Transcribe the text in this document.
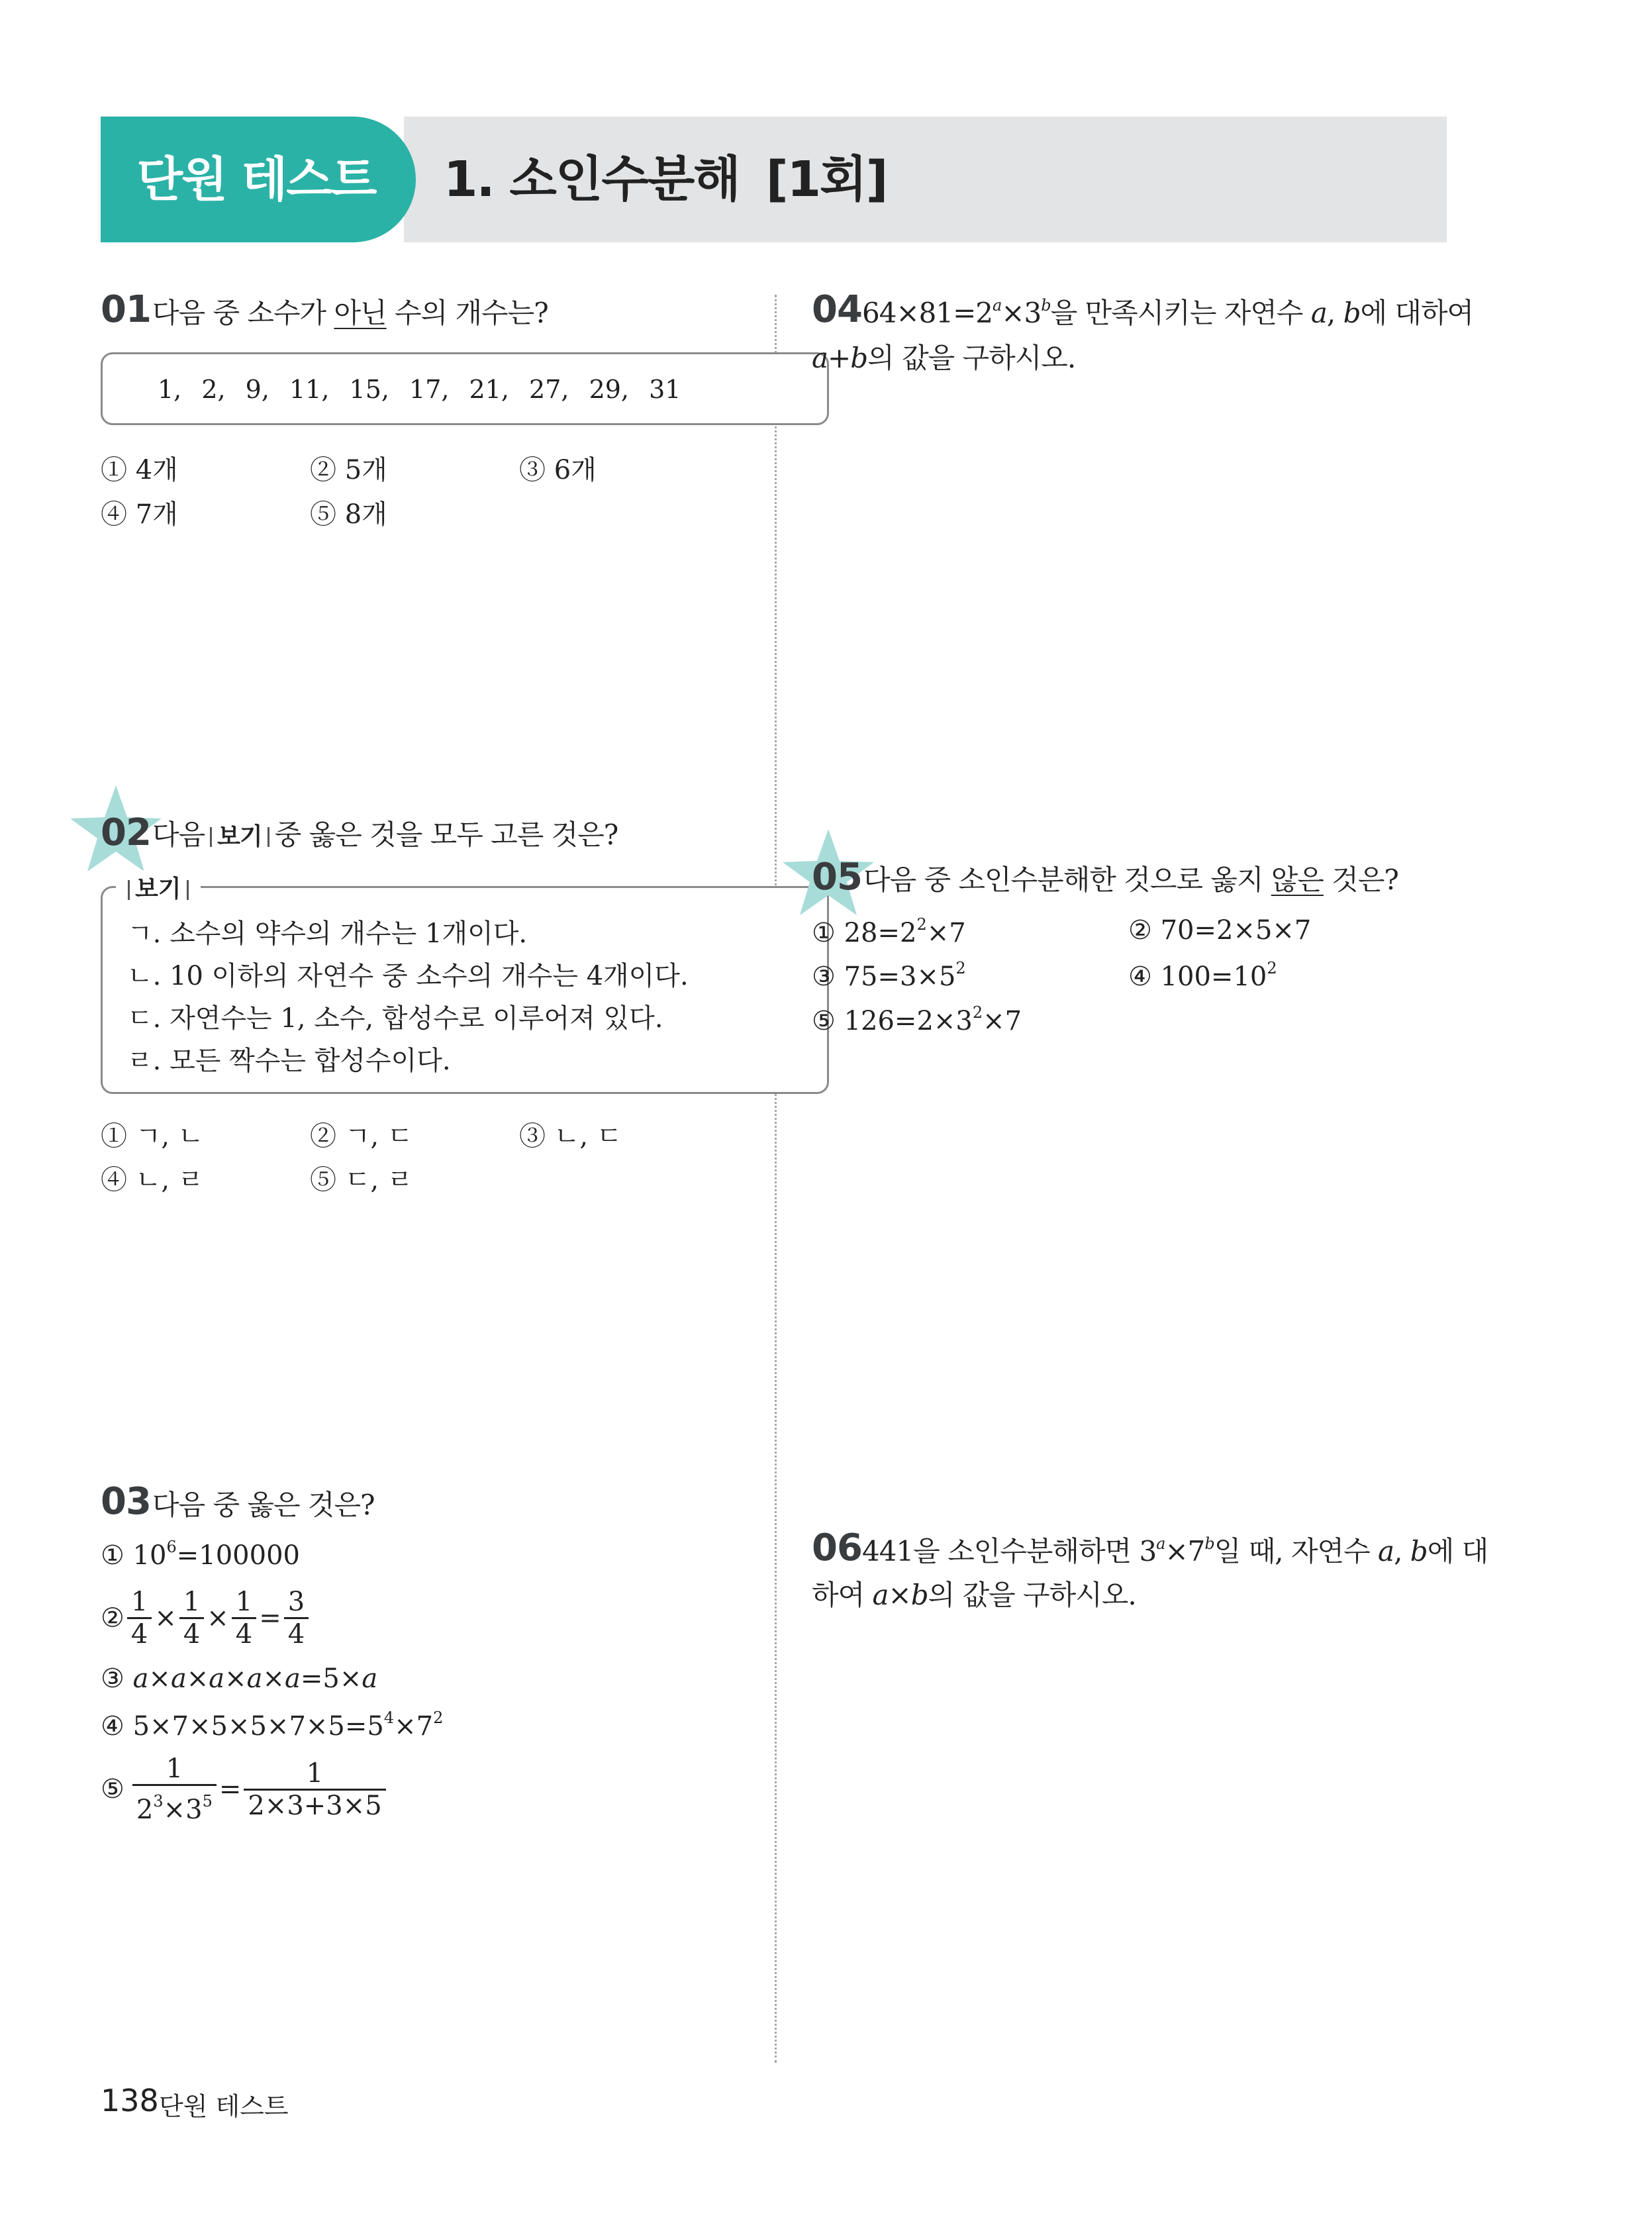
단원 테스트	1. 소인수분해 [1회]
01 다음 중 소수가 아닌 수의 개수는?
1, 2, 9, 11, 15, 17, 21, 27, 29, 31
① 4개	② 5개	③ 6개
④ 7개	⑤ 8개
02 다음 보기 중 옳은 것을 모두 고른 것은?
보기
ㄱ. 소수의 약수의 개수는 1개이다.
ㄴ. 10 이하의 자연수 중 소수의 개수는 4개이다.
ㄷ. 자연수는 1, 소수, 합성수로 이루어져 있다.
ㄹ. 모든 짝수는 합성수이다.
① ㄱ, ㄴ	② ㄱ, ㄷ	③ ㄴ, ㄷ
④ ㄴ, ㄹ	⑤ ㄷ, ㄹ
03 다음 중 옳은 것은?
① $10^6=100000$
② $\frac{1}{4} \times \frac{1}{4} \times \frac{1}{4} = \frac{3}{4}$
③ a×a×a×a×a=5×a
④ $5\times 7\times 5\times 5\times 7\times 5=5^4\times 7^2$
⑤ $\frac{1}{2^3\times 3^5} = \frac{1}{2\times 3+3\times 5}$
04 $64\times 81=2^a\times 3^b$을 만족시키는 자연수 a, b에 대하여
a+b의 값을 구하시오.
05 다음 중 소인수분해한 것으로 옳지 않은 것은?
① $28=2^2\times 7$	② 70=2×5×7
③ $75=3\times 5^2$	④ $100=10^2$
⑤ $126=2\times 3^2\times 7$
06 441을 소인수분해하면 $3^a\times 7^b$일 때, 자연수 a, b에 대
하여 a×b의 값을 구하시오.
138 단원 테스트
